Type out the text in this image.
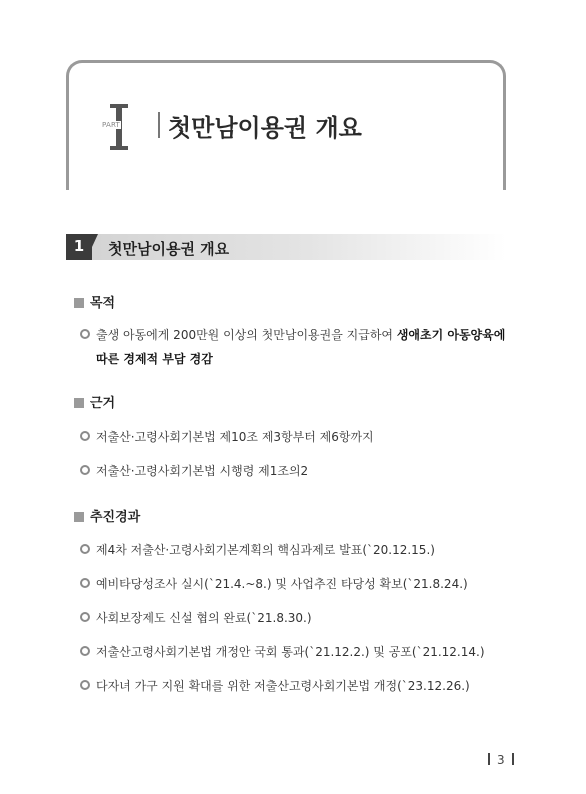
PART 첫만남이용권 개요
1 첫만남이용권 개요
목적
출생 아동에게 200만원 이상의 첫만남이용권을 지급하여 생애초기 아동양육에
따른 경제적 부담 경감
근거
저출산·고령사회기본법 제10조 제3항부터 제6항까지
저출산·고령사회기본법 시행령 제1조의2
추진경과
제4차 저출산·고령사회기본계획의 핵심과제로 발표(`20.12.15.)
예비타당성조사 실시(`21.4.~8.) 및 사업추진 타당성 확보(`21.8.24.)
사회보장제도 신설 협의 완료(`21.8.30.)
저출산고령사회기본법 개정안 국회 통과(`21.12.2.) 및 공포(`21.12.14.)
다자녀 가구 지원 확대를 위한 저출산고령사회기본법 개정(`23.12.26.)
3
